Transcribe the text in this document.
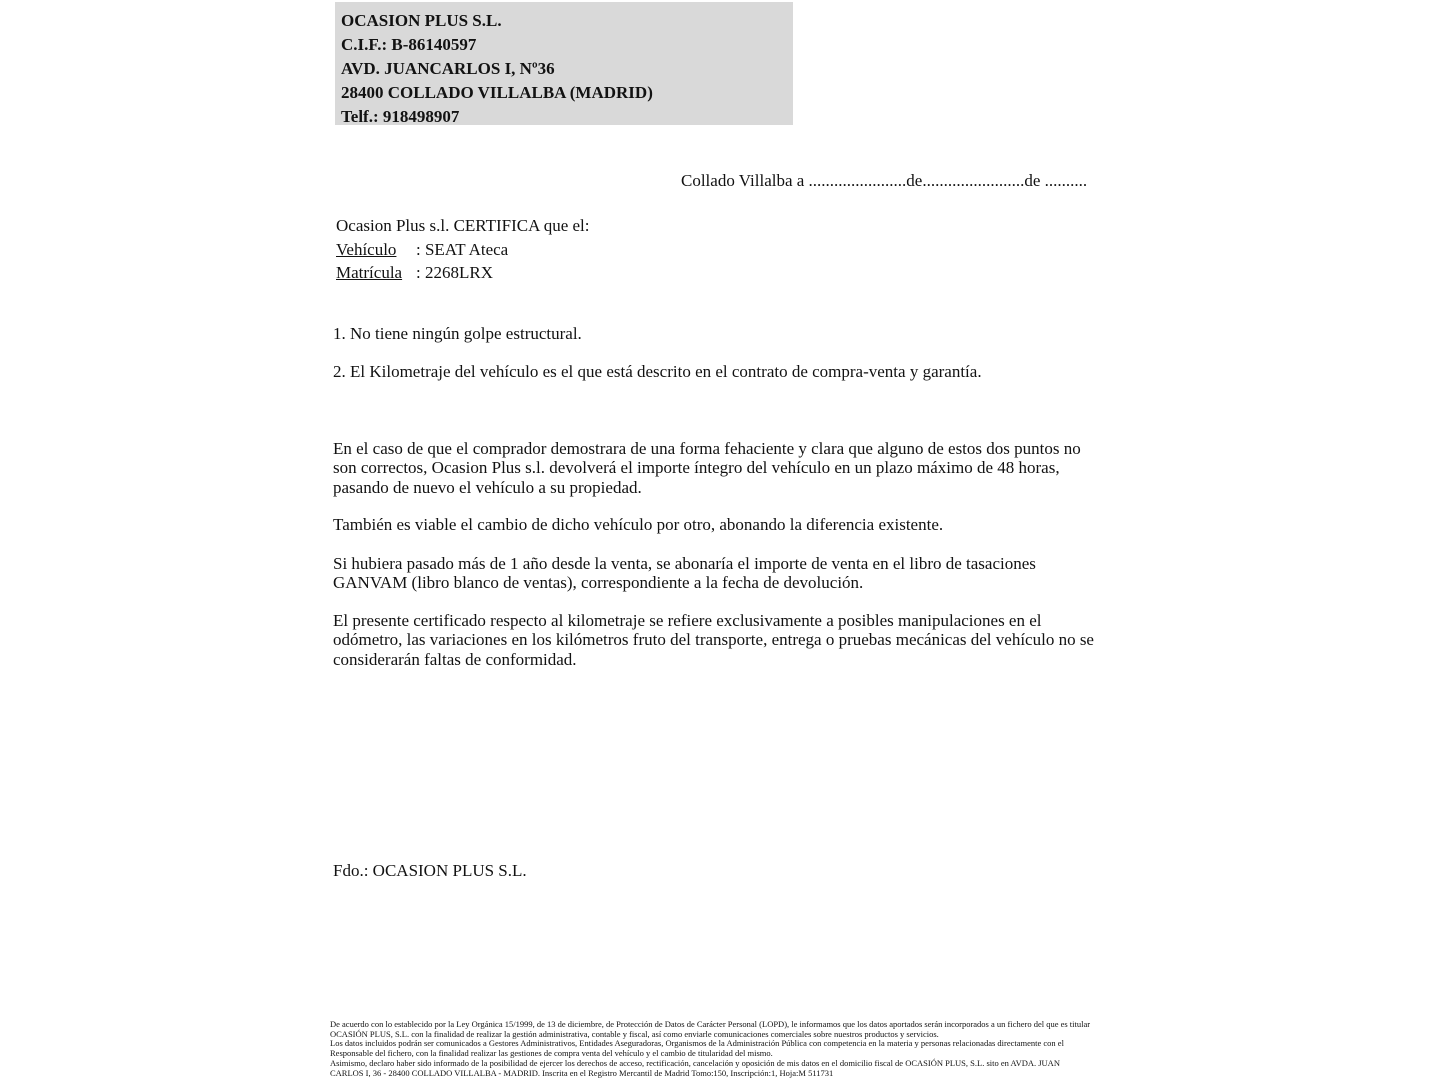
OCASION PLUS S.L.
C.I.F.: B-86140597
AVD. JUANCARLOS I, Nº36
28400 COLLADO VILLALBA (MADRID)
Telf.: 918498907
Collado Villalba a .......................de........................de ..........
Ocasion Plus s.l. CERTIFICA que el:
Vehículo : SEAT Ateca
Matrícula : 2268LRX
1. No tiene ningún golpe estructural.
2. El Kilometraje del vehículo es el que está descrito en el contrato de compra-venta y garantía.
En el caso de que el comprador demostrara de una forma fehaciente y clara que alguno de estos dos puntos no son correctos, Ocasion Plus s.l. devolverá el importe íntegro del vehículo en un plazo máximo de 48 horas, pasando de nuevo el vehículo a su propiedad.
También es viable el cambio de dicho vehículo por otro, abonando la diferencia existente.
Si hubiera pasado más de 1 año desde la venta, se abonaría el importe de venta en el libro de tasaciones GANVAM (libro blanco de ventas), correspondiente a la fecha de devolución.
El presente certificado respecto al kilometraje se refiere exclusivamente a posibles manipulaciones en el odómetro, las variaciones en los kilómetros fruto del transporte, entrega o pruebas mecánicas del vehículo no se considerarán faltas de conformidad.
Fdo.: OCASION PLUS S.L.
De acuerdo con lo establecido por la Ley Orgánica 15/1999, de 13 de diciembre, de Protección de Datos de Carácter Personal (LOPD), le informamos que los datos aportados serán incorporados a un fichero del que es titular
OCASIÓN PLUS, S.L. con la finalidad de realizar la gestión administrativa, contable y fiscal, así como enviarle comunicaciones comerciales sobre nuestros productos y servicios.
Los datos incluidos podrán ser comunicados a Gestores Administrativos, Entidades Aseguradoras, Organismos de la Administración Pública con competencia en la materia y personas relacionadas directamente con el
Responsable del fichero, con la finalidad realizar las gestiones de compra venta del vehículo y el cambio de titularidad del mismo.
Asimismo, declaro haber sido informado de la posibilidad de ejercer los derechos de acceso, rectificación, cancelación y oposición de mis datos en el domicilio fiscal de OCASIÓN PLUS, S.L. sito en AVDA. JUAN
CARLOS I, 36 - 28400 COLLADO VILLALBA - MADRID. Inscrita en el Registro Mercantil de Madrid Tomo:150, Inscripción:1, Hoja:M 511731
